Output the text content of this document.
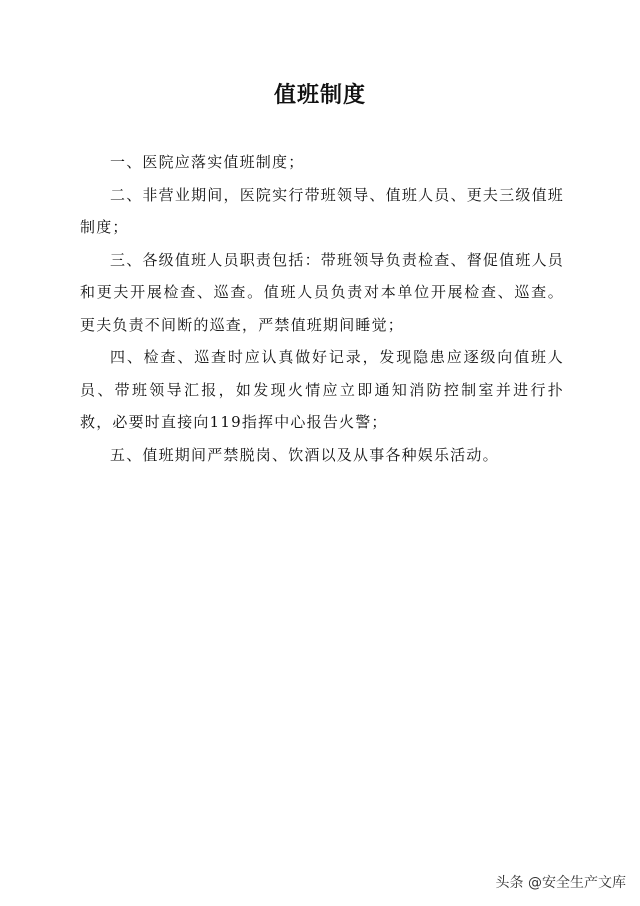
值班制度

一、医院应落实值班制度；

二、非营业期间，医院实行带班领导、值班人员、更夫三级值班制度；

三、各级值班人员职责包括：带班领导负责检查、督促值班人员和更夫开展检查、巡查。值班人员负责对本单位开展检查、巡查。更夫负责不间断的巡查，严禁值班期间睡觉；

四、检查、巡查时应认真做好记录，发现隐患应逐级向值班人员、带班领导汇报，如发现火情应立即通知消防控制室并进行扑救，必要时直接向119指挥中心报告火警；

五、值班期间严禁脱岗、饮酒以及从事各种娱乐活动。

头条 @安全生产文库
